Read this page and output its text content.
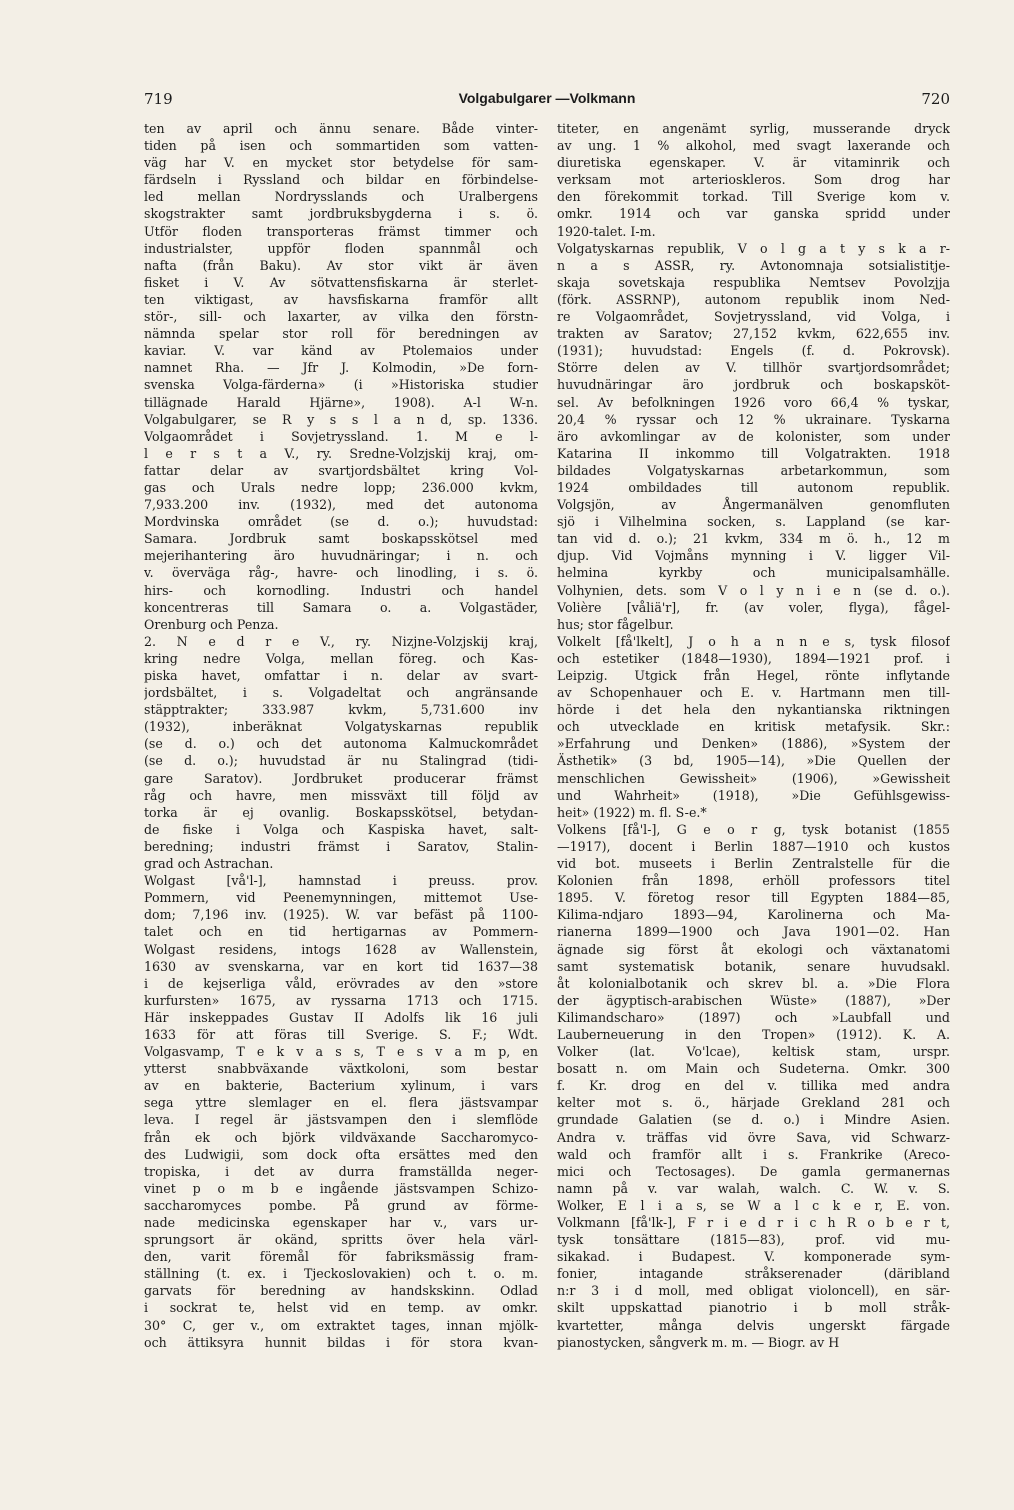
719	Volgabulgarer —Volkmann	720
ten av april och ännu senare. Både vinter-
tiden på isen och sommartiden som vatten-
väg har V. en mycket stor betydelse för sam-
färdseln i Ryssland och bildar en förbindelse-
led mellan Nordrysslands och Uralbergens
skogstrakter samt jordbruksbygderna i s. ö.
Utför floden transporteras främst timmer och
industrialster, uppför floden spannmål och
nafta (från Baku). Av stor vikt är även
fisket i V. Av sötvattensfiskarna är sterlet-
ten viktigast, av havsfiskarna framför allt
stör-, sill- och laxarter, av vilka den förstn-
nämnda spelar stor roll för beredningen av
kaviar. V. var känd av Ptolemaios under
namnet Rha. — Jfr J. Kolmodin, »De forn-
svenska Volga-färderna» (i »Historiska studier
tillägnade Harald Hjärne», 1908). A-l W-n.
Volgabulgarer, se R y s s l a n d, sp. 1336.
Volgaområdet i Sovjetryssland. 1. M e l-
l e r s t a V., ry. Sredne-Volzjskij kraj, om-
fattar delar av svartjordsbältet kring Vol-
gas och Urals nedre lopp; 236.000 kvkm,
7,933.200 inv. (1932), med det autonoma
Mordvinska området (se d. o.); huvudstad:
Samara. Jordbruk samt boskapsskötsel med
mejerihantering äro huvudnäringar; i n. och
v. överväga råg-, havre- och linodling, i s. ö.
hirs- och kornodling. Industri och handel
koncentreras till Samara o. a. Volgastäder,
Orenburg och Penza.
2. N e d r e V., ry. Nizjne-Volzjskij kraj,
kring nedre Volga, mellan föreg. och Kas-
piska havet, omfattar i n. delar av svart-
jordsbältet, i s. Volgadeltat och angränsande
stäpptrakter; 333.987 kvkm, 5,731.600 inv
(1932), inberäknat Volgatyskarnas republik
(se d. o.) och det autonoma Kalmuckområdet
(se d. o.); huvudstad är nu Stalingrad (tidi-
gare Saratov). Jordbruket producerar främst
råg och havre, men missväxt till följd av
torka är ej ovanlig. Boskapsskötsel, betydan-
de fiske i Volga och Kaspiska havet, salt-
beredning; industri främst i Saratov, Stalin-
grad och Astrachan.
Wolgast [vå'l-], hamnstad i preuss. prov.
Pommern, vid Peenemynningen, mittemot Use-
dom; 7,196 inv. (1925). W. var befäst på 1100-
talet och en tid hertigarnas av Pommern-
Wolgast residens, intogs 1628 av Wallenstein,
1630 av svenskarna, var en kort tid 1637—38
i de kejserliga våld, erövrades av den »store
kurfursten» 1675, av ryssarna 1713 och 1715.
Här inskeppades Gustav II Adolfs lik 16 juli
1633 för att föras till Sverige. S. F.; Wdt.
Volgasvamp, T e k v a s s, T e s v a m p, en
ytterst snabbväxande växtkoloni, som bestar
av en bakterie, Bacterium xylinum, i vars
sega yttre slemlager en el. flera jästsvampar
leva. I regel är jästsvampen den i slemflöde
från ek och björk vildväxande Saccharomyco-
des Ludwigii, som dock ofta ersättes med den
tropiska, i det av durra framställda neger-
vinet p o m b e ingående jästsvampen Schizo-
saccharomyces pombe. På grund av förme-
nade medicinska egenskaper har v., vars ur-
sprungsort är okänd, spritts över hela värl-
den, varit föremål för fabriksmässig fram-
ställning (t. ex. i Tjeckoslovakien) och t. o. m.
garvats för beredning av handskskinn. Odlad
i sockrat te, helst vid en temp. av omkr.
30° C, ger v., om extraktet tages, innan mjölk-
och ättiksyra hunnit bildas i för stora kvan-
titeter, en angenämt syrlig, musserande dryck
av ung. 1 % alkohol, med svagt laxerande och
diuretiska egenskaper. V. är vitaminrik och
verksam mot arterioskleros. Som drog har
den förekommit torkad. Till Sverige kom v.
omkr. 1914 och var ganska spridd under
1920-talet. I-m.
Volgatyskarnas republik, V o l g a t y s k a r-
n a s ASSR, ry. Avtonomnaja sotsialistitje-
skaja sovetskaja respublika Nemtsev Povolzjja
(förk. ASSRNP), autonom republik inom Ned-
re Volgaområdet, Sovjetryssland, vid Volga, i
trakten av Saratov; 27,152 kvkm, 622,655 inv.
(1931); huvudstad: Engels (f. d. Pokrovsk).
Större delen av V. tillhör svartjordsområdet;
huvudnäringar äro jordbruk och boskapsköt-
sel. Av befolkningen 1926 voro 66,4 % tyskar,
20,4 % ryssar och 12 % ukrainare. Tyskarna
äro avkomlingar av de kolonister, som under
Katarina II inkommo till Volgatrakten. 1918
bildades Volgatyskarnas arbetarkommun, som
1924 ombildades till autonom republik.
Volgsjön, av Ångermanälven genomfluten
sjö i Vilhelmina socken, s. Lappland (se kar-
tan vid d. o.); 21 kvkm, 334 m ö. h., 12 m
djup. Vid Vojmåns mynning i V. ligger Vil-
helmina kyrkby och municipalsamhälle.
Volhynien, dets. som V o l y n i e n (se d. o.).
Volière [våliä'r], fr. (av voler, flyga), fågel-
hus; stor fågelbur.
Volkelt [få'lkelt], J o h a n n e s, tysk filosof
och estetiker (1848—1930), 1894—1921 prof. i
Leipzig. Utgick från Hegel, rönte inflytande
av Schopenhauer och E. v. Hartmann men till-
hörde i det hela den nykantianska riktningen
och utvecklade en kritisk metafysik. Skr.:
»Erfahrung und Denken» (1886), »System der
Ästhetik» (3 bd, 1905—14), »Die Quellen der
menschlichen Gewissheit» (1906), »Gewissheit
und Wahrheit» (1918), »Die Gefühlsgewiss-
heit» (1922) m. fl. S-e.*
Volkens [få'l-], G e o r g, tysk botanist (1855
—1917), docent i Berlin 1887—1910 och kustos
vid bot. museets i Berlin Zentralstelle für die
Kolonien från 1898, erhöll professors titel
1895. V. företog resor till Egypten 1884—85,
Kilima-ndjaro 1893—94, Karolinerna och Ma-
rianerna 1899—1900 och Java 1901—02. Han
ägnade sig först åt ekologi och växtanatomi
samt systematisk botanik, senare huvudsakl.
åt kolonialbotanik och skrev bl. a. »Die Flora
der ägyptisch-arabischen Wüste» (1887), »Der
Kilimandscharo» (1897) och »Laubfall und
Lauberneuerung in den Tropen» (1912). K. A.
Volker (lat. Vo'lcae), keltisk stam, urspr.
bosatt n. om Main och Sudeterna. Omkr. 300
f. Kr. drog en del v. tillika med andra
kelter mot s. ö., härjade Grekland 281 och
grundade Galatien (se d. o.) i Mindre Asien.
Andra v. träffas vid övre Sava, vid Schwarz-
wald och framför allt i s. Frankrike (Areco-
mici och Tectosages). De gamla germanernas
namn på v. var walah, walch. C. W. v. S.
Wolker, E l i a s, se W a l c k e r, E. von.
Volkmann [få'lk-], F r i e d r i c h R o b e r t,
tysk tonsättare (1815—83), prof. vid mu-
sikakad. i Budapest. V. komponerade sym-
fonier, intagande stråkserenader (däribland
n:r 3 i d moll, med obligat violoncell), en sär-
skilt uppskattad pianotrio i b moll stråk-
kvartetter, många delvis ungerskt färgade
pianostycken, sångverk m. m. — Biogr. av H
